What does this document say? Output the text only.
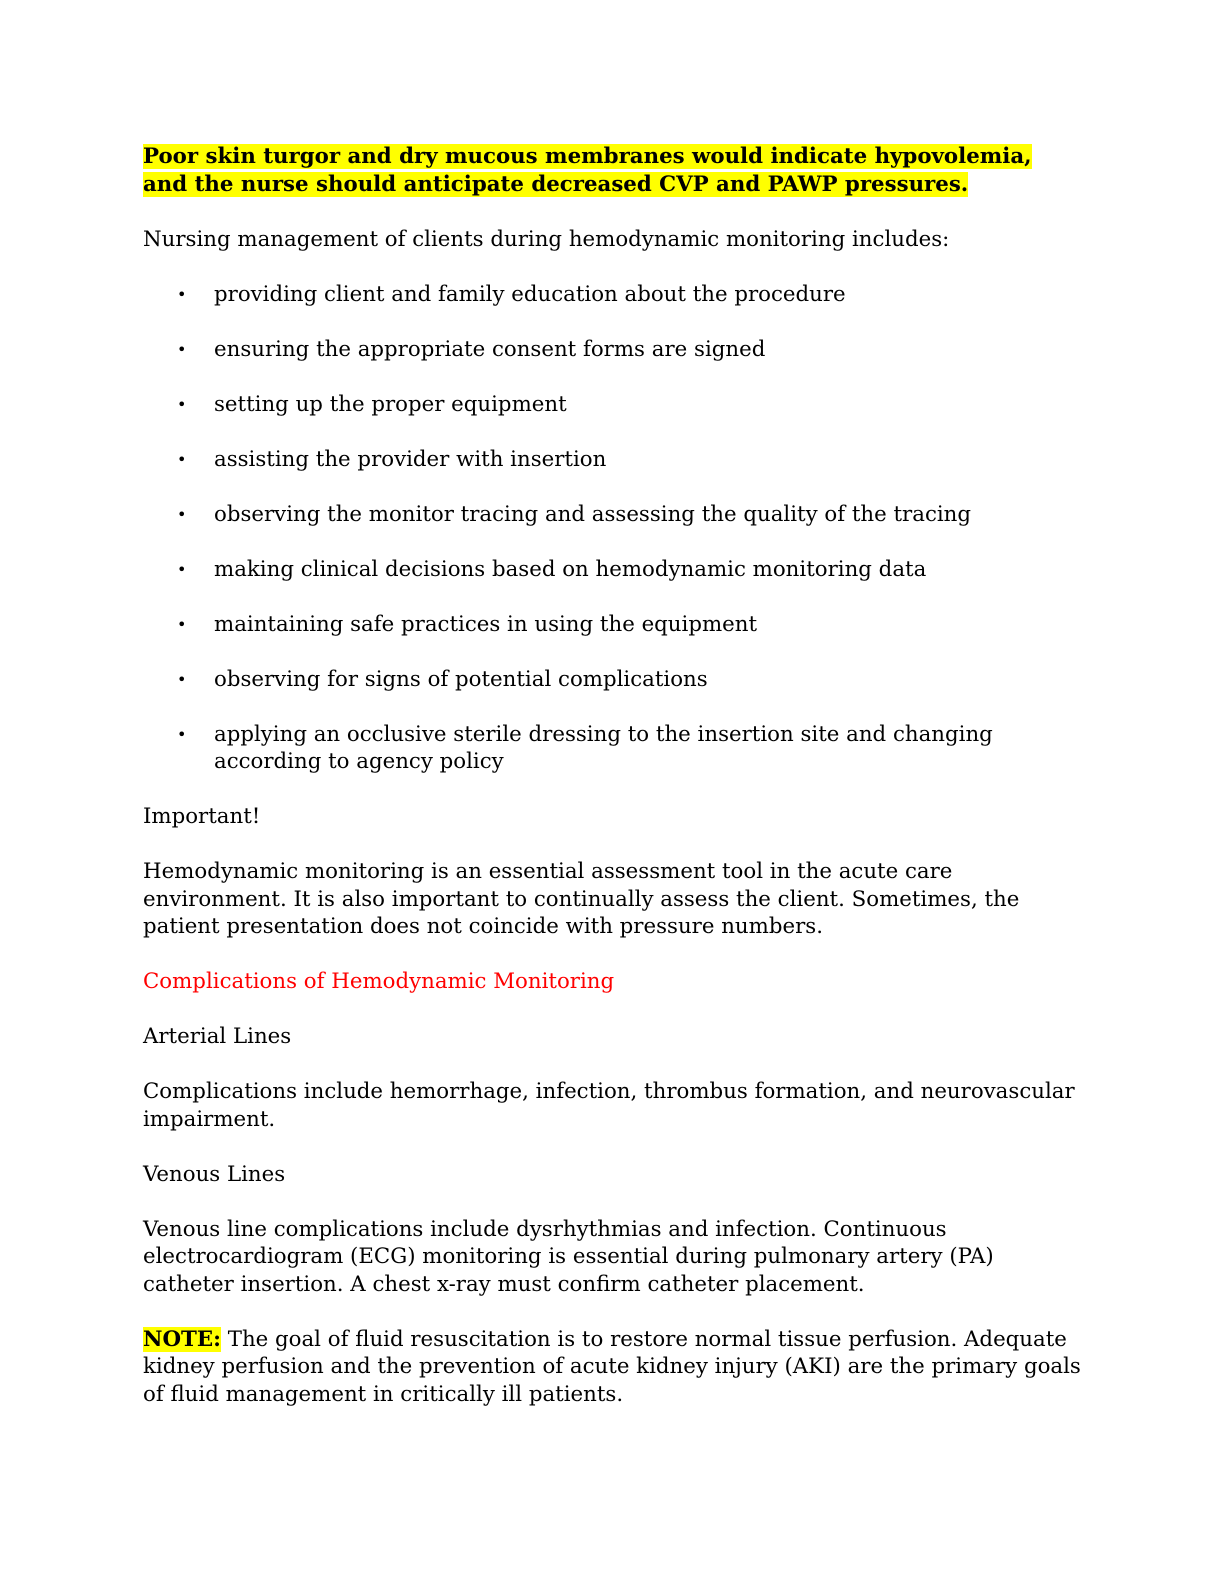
Poor skin turgor and dry mucous membranes would indicate hypovolemia, and the nurse should anticipate decreased CVP and PAWP pressures.

Nursing management of clients during hemodynamic monitoring includes:

• providing client and family education about the procedure
• ensuring the appropriate consent forms are signed
• setting up the proper equipment
• assisting the provider with insertion
• observing the monitor tracing and assessing the quality of the tracing
• making clinical decisions based on hemodynamic monitoring data
• maintaining safe practices in using the equipment
• observing for signs of potential complications
• applying an occlusive sterile dressing to the insertion site and changing according to agency policy

Important!

Hemodynamic monitoring is an essential assessment tool in the acute care environment. It is also important to continually assess the client. Sometimes, the patient presentation does not coincide with pressure numbers.

Complications of Hemodynamic Monitoring

Arterial Lines

Complications include hemorrhage, infection, thrombus formation, and neurovascular impairment.

Venous Lines

Venous line complications include dysrhythmias and infection. Continuous electrocardiogram (ECG) monitoring is essential during pulmonary artery (PA) catheter insertion. A chest x-ray must confirm catheter placement.

NOTE: The goal of fluid resuscitation is to restore normal tissue perfusion. Adequate kidney perfusion and the prevention of acute kidney injury (AKI) are the primary goals of fluid management in critically ill patients.
